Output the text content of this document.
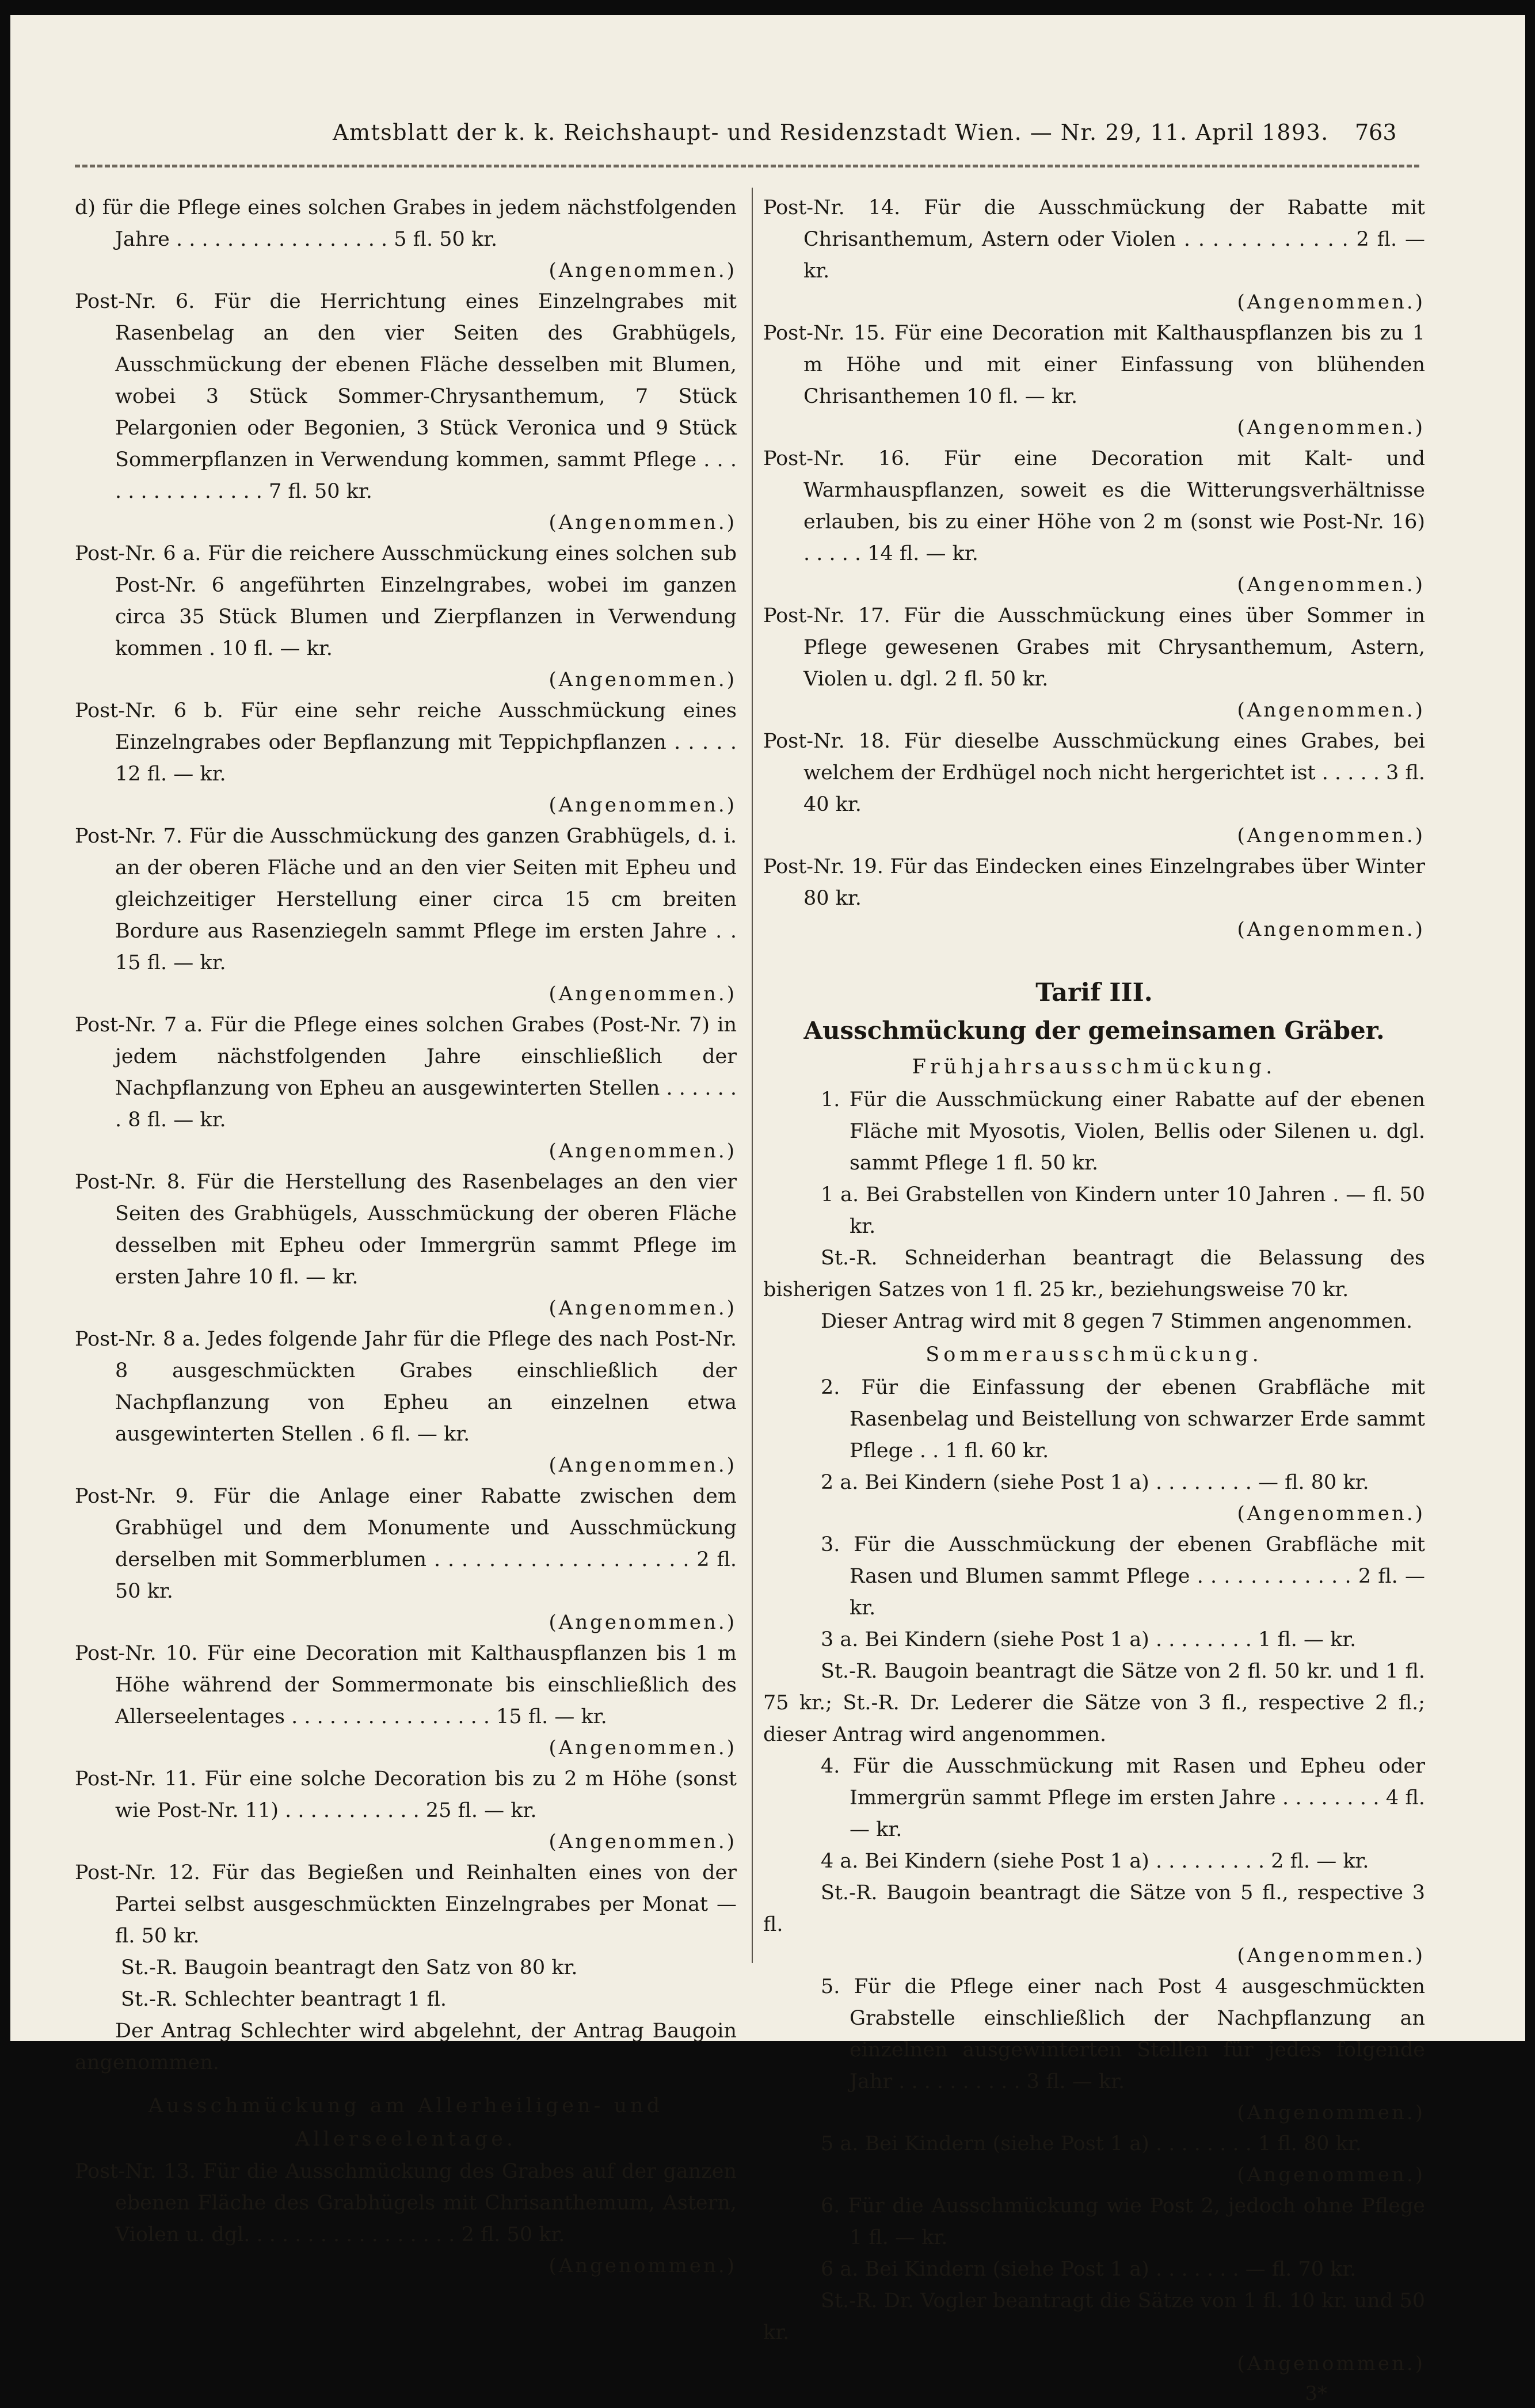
Amtsblatt der k. k. Reichshaupt- und Residenzstadt Wien. — Nr. 29, 11. April 1893. 763
d) für die Pflege eines solchen Grabes in jedem nächstfolgenden Jahre . . . . . . . . . . . . . . . . . 5 fl. 50 kr.
(Angenommen.)
Post-Nr. 6. Für die Herrichtung eines Einzelngrabes mit Rasenbelag an den vier Seiten des Grabhügels, Ausschmückung der ebenen Fläche desselben mit Blumen, wobei 3 Stück Sommer-Chrysanthemum, 7 Stück Pelargonien oder Begonien, 3 Stück Veronica und 9 Stück Sommerpflanzen in Verwendung kommen, sammt Pflege . . . . . . . . . . . . . . . 7 fl. 50 kr.
(Angenommen.)
Post-Nr. 6 a. Für die reichere Ausschmückung eines solchen sub Post-Nr. 6 angeführten Einzelngrabes, wobei im ganzen circa 35 Stück Blumen und Zierpflanzen in Verwendung kommen . 10 fl. — kr.
(Angenommen.)
Post-Nr. 6 b. Für eine sehr reiche Ausschmückung eines Einzelngrabes oder Bepflanzung mit Teppichpflanzen . . . . . 12 fl. — kr.
(Angenommen.)
Post-Nr. 7. Für die Ausschmückung des ganzen Grabhügels, d. i. an der oberen Fläche und an den vier Seiten mit Epheu und gleichzeitiger Herstellung einer circa 15 cm breiten Bordure aus Rasenziegeln sammt Pflege im ersten Jahre . . 15 fl. — kr.
(Angenommen.)
Post-Nr. 7 a. Für die Pflege eines solchen Grabes (Post-Nr. 7) in jedem nächstfolgenden Jahre einschließlich der Nachpflanzung von Epheu an ausgewinterten Stellen . . . . . . . 8 fl. — kr.
(Angenommen.)
Post-Nr. 8. Für die Herstellung des Rasenbelages an den vier Seiten des Grabhügels, Ausschmückung der oberen Fläche desselben mit Epheu oder Immergrün sammt Pflege im ersten Jahre 10 fl. — kr.
(Angenommen.)
Post-Nr. 8 a. Jedes folgende Jahr für die Pflege des nach Post-Nr. 8 ausgeschmückten Grabes einschließlich der Nachpflanzung von Epheu an einzelnen etwa ausgewinterten Stellen . 6 fl. — kr.
(Angenommen.)
Post-Nr. 9. Für die Anlage einer Rabatte zwischen dem Grabhügel und dem Monumente und Ausschmückung derselben mit Sommerblumen . . . . . . . . . . . . . . . . . . . 2 fl. 50 kr.
(Angenommen.)
Post-Nr. 10. Für eine Decoration mit Kalthauspflanzen bis 1 m Höhe während der Sommermonate bis einschließlich des Allerseelentages . . . . . . . . . . . . . . . . 15 fl. — kr.
(Angenommen.)
Post-Nr. 11. Für eine solche Decoration bis zu 2 m Höhe (sonst wie Post-Nr. 11) . . . . . . . . . . . 25 fl. — kr.
(Angenommen.)
Post-Nr. 12. Für das Begießen und Reinhalten eines von der Partei selbst ausgeschmückten Einzelngrabes per Monat — fl. 50 kr.
St.-R. Baugoin beantragt den Satz von 80 kr.
St.-R. Schlechter beantragt 1 fl.
Der Antrag Schlechter wird abgelehnt, der Antrag Baugoin angenommen.
Ausschmückung am Allerheiligen- und Allerseelentage.
Post-Nr. 13. Für die Ausschmückung des Grabes auf der ganzen ebenen Fläche des Grabhügels mit Chrisanthemum, Astern, Violen u. dgl. . . . . . . . . . . . . . . . . 2 fl. 50 kr.
(Angenommen.)
Post-Nr. 14. Für die Ausschmückung der Rabatte mit Chrisanthemum, Astern oder Violen . . . . . . . . . . . . 2 fl. — kr.
(Angenommen.)
Post-Nr. 15. Für eine Decoration mit Kalthauspflanzen bis zu 1 m Höhe und mit einer Einfassung von blühenden Chrisanthemen 10 fl. — kr.
(Angenommen.)
Post-Nr. 16. Für eine Decoration mit Kalt- und Warmhauspflanzen, soweit es die Witterungsverhältnisse erlauben, bis zu einer Höhe von 2 m (sonst wie Post-Nr. 16) . . . . . 14 fl. — kr.
(Angenommen.)
Post-Nr. 17. Für die Ausschmückung eines über Sommer in Pflege gewesenen Grabes mit Chrysanthemum, Astern, Violen u. dgl. 2 fl. 50 kr.
(Angenommen.)
Post-Nr. 18. Für dieselbe Ausschmückung eines Grabes, bei welchem der Erdhügel noch nicht hergerichtet ist . . . . . 3 fl. 40 kr.
(Angenommen.)
Post-Nr. 19. Für das Eindecken eines Einzelngrabes über Winter 80 kr.
(Angenommen.)
Tarif III.
Ausschmückung der gemeinsamen Gräber.
Frühjahrsausschmückung.
1. Für die Ausschmückung einer Rabatte auf der ebenen Fläche mit Myosotis, Violen, Bellis oder Silenen u. dgl. sammt Pflege 1 fl. 50 kr.
1 a. Bei Grabstellen von Kindern unter 10 Jahren . — fl. 50 kr.
St.-R. Schneiderhan beantragt die Belassung des bisherigen Satzes von 1 fl. 25 kr., beziehungsweise 70 kr.
Dieser Antrag wird mit 8 gegen 7 Stimmen angenommen.
Sommerausschmückung.
2. Für die Einfassung der ebenen Grabfläche mit Rasenbelag und Beistellung von schwarzer Erde sammt Pflege . . 1 fl. 60 kr.
2 a. Bei Kindern (siehe Post 1 a) . . . . . . . . — fl. 80 kr.
(Angenommen.)
3. Für die Ausschmückung der ebenen Grabfläche mit Rasen und Blumen sammt Pflege . . . . . . . . . . . . 2 fl. — kr.
3 a. Bei Kindern (siehe Post 1 a) . . . . . . . . 1 fl. — kr.
St.-R. Baugoin beantragt die Sätze von 2 fl. 50 kr. und 1 fl. 75 kr.; St.-R. Dr. Lederer die Sätze von 3 fl., respective 2 fl.; dieser Antrag wird angenommen.
4. Für die Ausschmückung mit Rasen und Epheu oder Immergrün sammt Pflege im ersten Jahre . . . . . . . . 4 fl. — kr.
4 a. Bei Kindern (siehe Post 1 a) . . . . . . . . . 2 fl. — kr.
St.-R. Baugoin beantragt die Sätze von 5 fl., respective 3 fl.
(Angenommen.)
5. Für die Pflege einer nach Post 4 ausgeschmückten Grabstelle einschließlich der Nachpflanzung an einzelnen ausgewinterten Stellen für jedes folgende Jahr . . . . . . . . . . 3 fl. — kr.
(Angenommen.)
5 a. Bei Kindern (siehe Post 1 a) . . . . . . . . 1 fl. 80 kr.
(Angenommen.)
6. Für die Ausschmückung wie Post 2, jedoch ohne Pflege 1 fl. — kr.
6 a. Bei Kindern (siehe Post 1 a) . . . . . . . — fl. 70 kr.
St.-R. Dr. Vogler beantragt die Sätze von 1 fl. 10 kr. und 50 kr.
(Angenommen.)
3*
